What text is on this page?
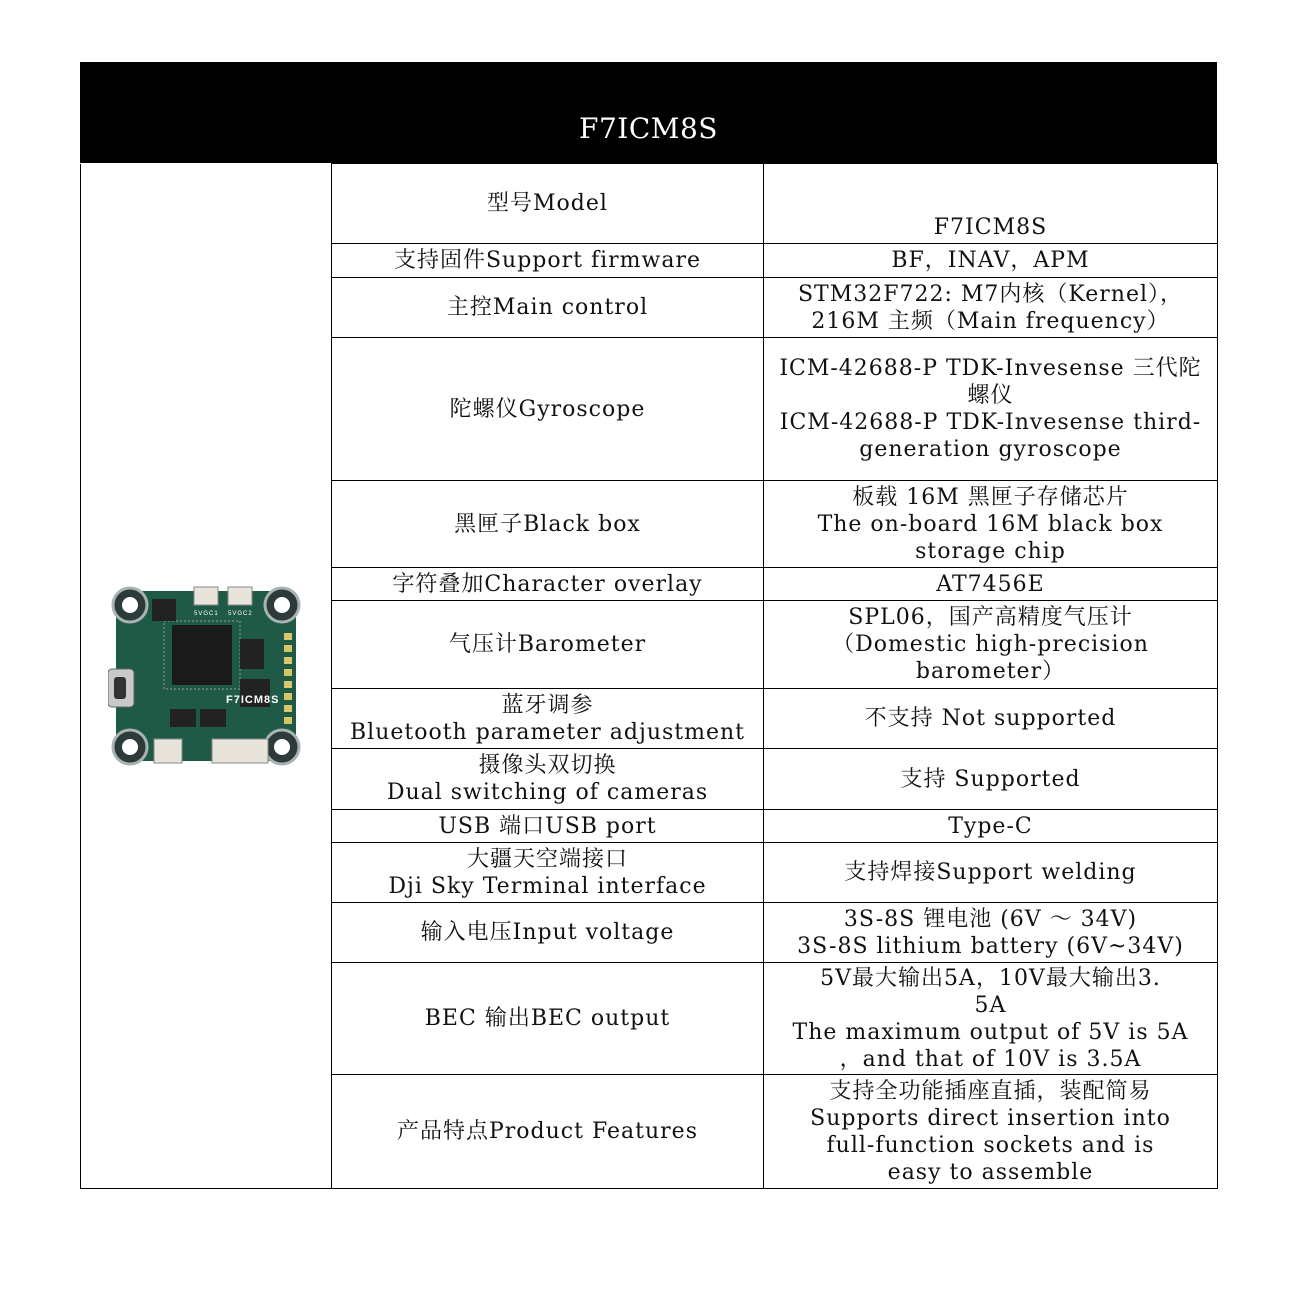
F7ICM8S
F7ICM8S
5VGC1 5VGC2	型号Model	F7ICM8S

	支持固件Support firmware	BF，INAV，APM

	主控Main control	STM32F722: M7内核（Kernel），
216M 主频（Main frequency）

	陀螺仪Gyroscope	ICM-42688-P TDK-Invesense 三代陀
螺仪
ICM-42688-P TDK-Invesense third-
generation gyroscope

	黑匣子Black box	板载 16M 黑匣子存储芯片
The on-board 16M black box
storage chip

	字符叠加Character overlay	AT7456E

	气压计Barometer	SPL06，国产高精度气压计
（Domestic high-precision
barometer）

	蓝牙调参
Bluetooth parameter adjustment	不支持 Not supported

	摄像头双切换
Dual switching of cameras	支持 Supported

	USB 端口USB port	Type-C

	大疆天空端接口
Dji Sky Terminal interface	支持焊接Support welding

	输入电压Input voltage	3S-8S 锂电池 (6V ～ 34V)
3S-8S lithium battery (6V~34V)

	BEC 输出BEC output	5V最大输出5A，10V最大输出3.
5A
The maximum output of 5V is 5A
，and that of 10V is 3.5A

	产品特点Product Features	支持全功能插座直插，装配简易
Supports direct insertion into
full-function sockets and is
easy to assemble
